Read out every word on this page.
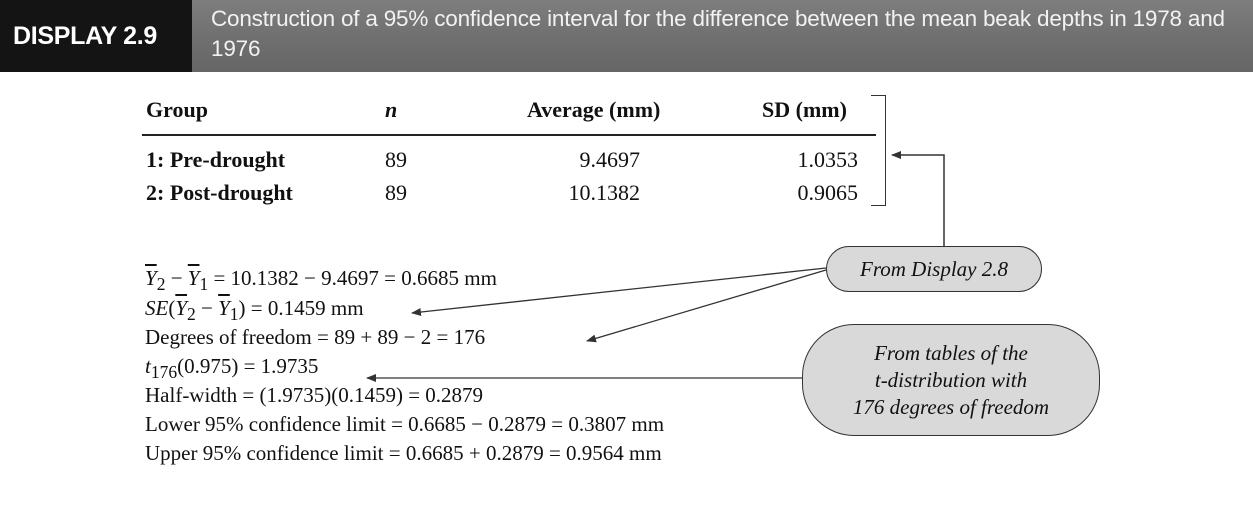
DISPLAY 2.9
Construction of a 95% confidence interval for the difference between the mean beak depths in 1978 and 1976
Group	n	Average (mm)	SD (mm)
1: Pre-drought	89	9.4697	1.0353
2: Post-drought	89	10.1382	0.9065
$\overline{Y}_2 - \overline{Y}_1 = 10.1382 - 9.4697 = 0.6685$ mm
$SE(\overline{Y}_2 - \overline{Y}_1) = 0.1459$ mm
Degrees of freedom = 89 + 89 − 2 = 176
$t_{176}(0.975) = 1.9735$
Half-width = (1.9735)(0.1459) = 0.2879
Lower 95% confidence limit = 0.6685 − 0.2879 = 0.3807 mm
Upper 95% confidence limit = 0.6685 + 0.2879 = 0.9564 mm
From Display 2.8
From tables of the
t-distribution with
176 degrees of freedom
